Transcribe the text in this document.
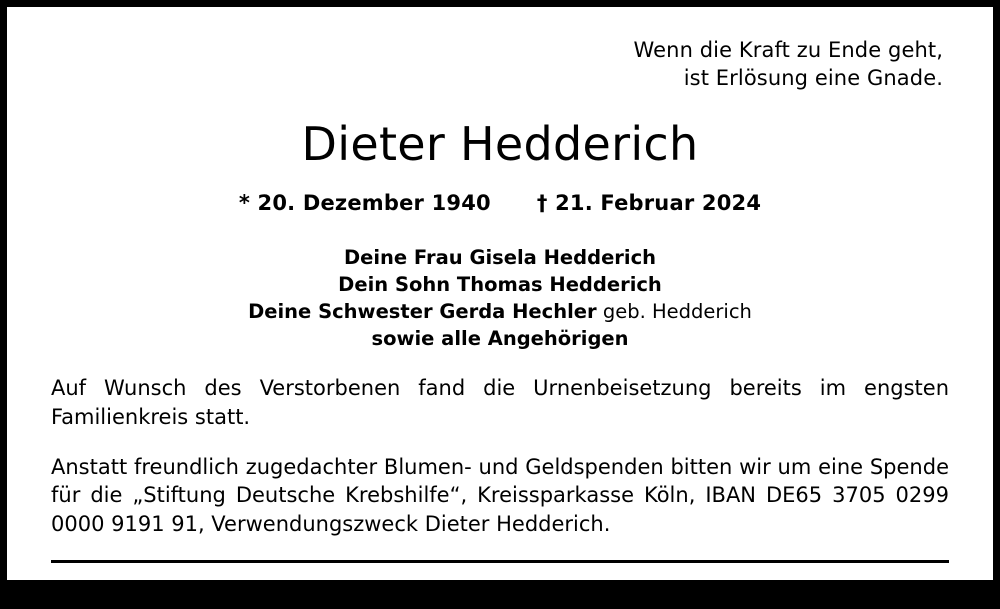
Wenn die Kraft zu Ende geht,
ist Erlösung eine Gnade.
Dieter Hedderich
* 20. Dezember 1940 † 21. Februar 2024
Deine Frau Gisela Hedderich
Dein Sohn Thomas Hedderich
Deine Schwester Gerda Hechler geb. Hedderich
sowie alle Angehörigen
Auf Wunsch des Verstorbenen fand die Urnenbeisetzung bereits im engsten Familienkreis statt.
Anstatt freundlich zugedachter Blumen- und Geldspenden bitten wir um eine Spende für die „Stiftung Deutsche Krebshilfe“, Kreissparkasse Köln, IBAN DE65 3705 0299 0000 9191 91, Verwendungszweck Dieter Hedderich.
Für alle Zeichen der Anteilnahme bedanken wir uns herzlich.
